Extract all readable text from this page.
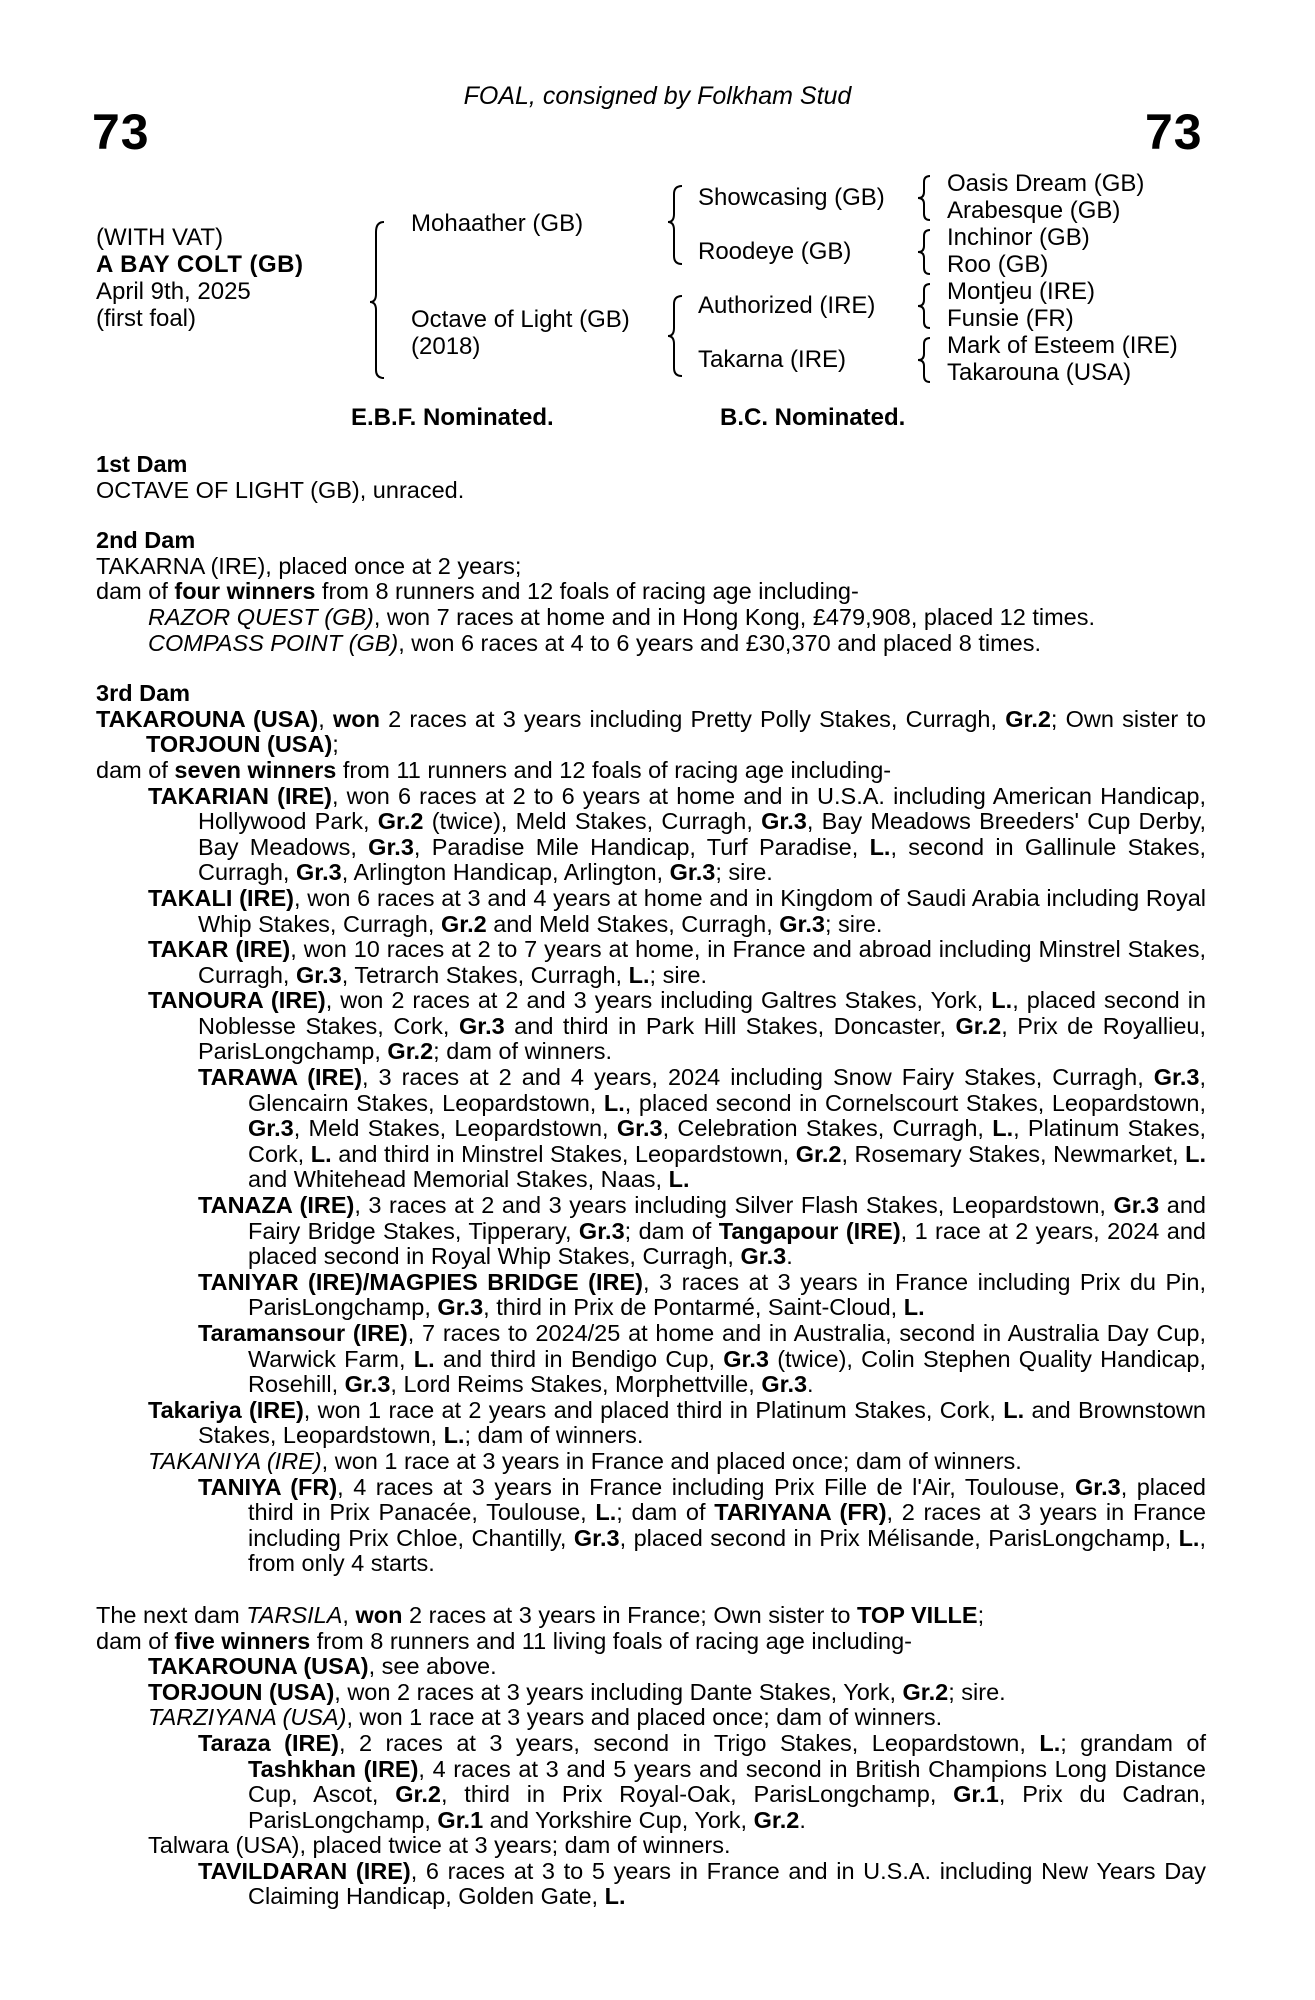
73	73
FOAL, consigned by Folkham Stud
(WITH VAT)
A BAY COLT (GB)
April 9th, 2025
(first foal)
Mohaather (GB)
Octave of Light (GB)
(2018)
Showcasing (GB)
Roodeye (GB)
Authorized (IRE)
Takarna (IRE)
Oasis Dream (GB)
Arabesque (GB)
Inchinor (GB)
Roo (GB)
Montjeu (IRE)
Funsie (FR)
Mark of Esteem (IRE)
Takarouna (USA)
E.B.F. Nominated.	B.C. Nominated.

1st Dam

OCTAVE OF LIGHT (GB), unraced.

2nd Dam

TAKARNA (IRE), placed once at 2 years;

dam of four winners from 8 runners and 12 foals of racing age including-

RAZOR QUEST (GB), won 7 races at home and in Hong Kong, £479,908, placed 12 times.

COMPASS POINT (GB), won 6 races at 4 to 6 years and £30,370 and placed 8 times.

3rd Dam

TAKAROUNA (USA), won 2 races at 3 years including Pretty Polly Stakes, Curragh, Gr.2; Own sister to TORJOUN (USA);

dam of seven winners from 11 runners and 12 foals of racing age including-

TAKARIAN (IRE), won 6 races at 2 to 6 years at home and in U.S.A. including American Handicap, Hollywood Park, Gr.2 (twice), Meld Stakes, Curragh, Gr.3, Bay Meadows Breeders' Cup Derby, Bay Meadows, Gr.3, Paradise Mile Handicap, Turf Paradise, L., second in Gallinule Stakes, Curragh, Gr.3, Arlington Handicap, Arlington, Gr.3; sire.

TAKALI (IRE), won 6 races at 3 and 4 years at home and in Kingdom of Saudi Arabia including Royal Whip Stakes, Curragh, Gr.2 and Meld Stakes, Curragh, Gr.3; sire.

TAKAR (IRE), won 10 races at 2 to 7 years at home, in France and abroad including Minstrel Stakes, Curragh, Gr.3, Tetrarch Stakes, Curragh, L.; sire.

TANOURA (IRE), won 2 races at 2 and 3 years including Galtres Stakes, York, L., placed second in Noblesse Stakes, Cork, Gr.3 and third in Park Hill Stakes, Doncaster, Gr.2, Prix de Royallieu, ParisLongchamp, Gr.2; dam of winners.

TARAWA (IRE), 3 races at 2 and 4 years, 2024 including Snow Fairy Stakes, Curragh, Gr.3, Glencairn Stakes, Leopardstown, L., placed second in Cornelscourt Stakes, Leopardstown, Gr.3, Meld Stakes, Leopardstown, Gr.3, Celebration Stakes, Curragh, L., Platinum Stakes, Cork, L. and third in Minstrel Stakes, Leopardstown, Gr.2, Rosemary Stakes, Newmarket, L. and Whitehead Memorial Stakes, Naas, L.

TANAZA (IRE), 3 races at 2 and 3 years including Silver Flash Stakes, Leopardstown, Gr.3 and Fairy Bridge Stakes, Tipperary, Gr.3; dam of Tangapour (IRE), 1 race at 2 years, 2024 and placed second in Royal Whip Stakes, Curragh, Gr.3.

TANIYAR (IRE)/MAGPIES BRIDGE (IRE), 3 races at 3 years in France including Prix du Pin, ParisLongchamp, Gr.3, third in Prix de Pontarmé, Saint-Cloud, L.

Taramansour (IRE), 7 races to 2024/25 at home and in Australia, second in Australia Day Cup, Warwick Farm, L. and third in Bendigo Cup, Gr.3 (twice), Colin Stephen Quality Handicap, Rosehill, Gr.3, Lord Reims Stakes, Morphettville, Gr.3.

Takariya (IRE), won 1 race at 2 years and placed third in Platinum Stakes, Cork, L. and Brownstown Stakes, Leopardstown, L.; dam of winners.

TAKANIYA (IRE), won 1 race at 3 years in France and placed once; dam of winners.

TANIYA (FR), 4 races at 3 years in France including Prix Fille de l'Air, Toulouse, Gr.3, placed third in Prix Panacée, Toulouse, L.; dam of TARIYANA (FR), 2 races at 3 years in France including Prix Chloe, Chantilly, Gr.3, placed second in Prix Mélisande, ParisLongchamp, L., from only 4 starts.

The next dam TARSILA, won 2 races at 3 years in France; Own sister to TOP VILLE;

dam of five winners from 8 runners and 11 living foals of racing age including-

TAKAROUNA (USA), see above.

TORJOUN (USA), won 2 races at 3 years including Dante Stakes, York, Gr.2; sire.

TARZIYANA (USA), won 1 race at 3 years and placed once; dam of winners.

Taraza (IRE), 2 races at 3 years, second in Trigo Stakes, Leopardstown, L.; grandam of Tashkhan (IRE), 4 races at 3 and 5 years and second in British Champions Long Distance Cup, Ascot, Gr.2, third in Prix Royal-Oak, ParisLongchamp, Gr.1, Prix du Cadran, ParisLongchamp, Gr.1 and Yorkshire Cup, York, Gr.2.

Talwara (USA), placed twice at 3 years; dam of winners.

TAVILDARAN (IRE), 6 races at 3 to 5 years in France and in U.S.A. including New Years Day Claiming Handicap, Golden Gate, L.
